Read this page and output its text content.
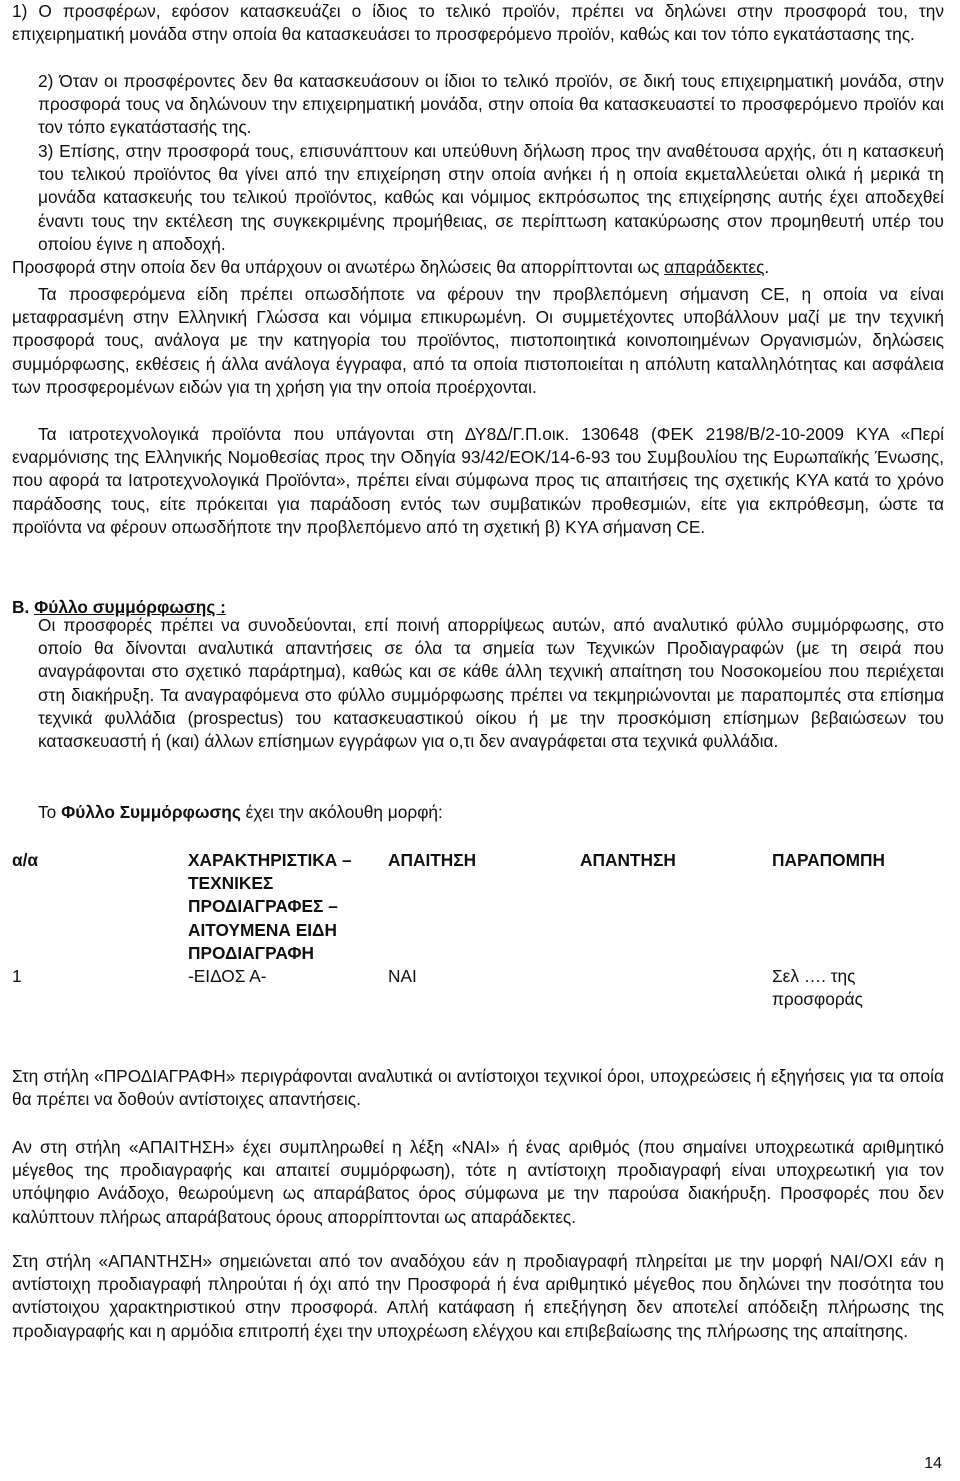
1) Ο προσφέρων, εφόσον κατασκευάζει ο ίδιος το τελικό προϊόν, πρέπει να δηλώνει στην προσφορά του, την επιχειρηματική μονάδα στην οποία θα κατασκευάσει το προσφερόμενο προϊόν, καθώς και τον τόπο εγκατάστασης της.

2) Όταν οι προσφέροντες δεν θα κατασκευάσουν οι ίδιοι το τελικό προϊόν, σε δική τους επιχειρηματική μονάδα, στην προσφορά τους να δηλώνουν την επιχειρηματική μονάδα, στην οποία θα κατασκευαστεί το προσφερόμενο προϊόν και τον τόπο εγκατάστασής της.

3) Επίσης, στην προσφορά τους, επισυνάπτουν και υπεύθυνη δήλωση προς την αναθέτουσα αρχής, ότι η κατασκευή του τελικού προϊόντος θα γίνει από την επιχείρηση στην οποία ανήκει ή η οποία εκμεταλλεύεται ολικά ή μερικά τη μονάδα κατασκευής του τελικού προϊόντος, καθώς και νόμιμος εκπρόσωπος της επιχείρησης αυτής έχει αποδεχθεί έναντι τους την εκτέλεση της συγκεκριμένης προμήθειας, σε περίπτωση κατακύρωσης στον προμηθευτή υπέρ του οποίου έγινε η αποδοχή.

Προσφορά στην οποία δεν θα υπάρχουν οι ανωτέρω δηλώσεις θα απορρίπτονται ως απαράδεκτες.

Τα προσφερόμενα είδη πρέπει οπωσδήποτε να φέρουν την προβλεπόμενη σήμανση CE, η οποία να είναι μεταφρασμένη στην Ελληνική Γλώσσα και νόμιμα επικυρωμένη. Οι συμμετέχοντες υποβάλλουν μαζί με την τεχνική προσφορά τους, ανάλογα με την κατηγορία του προϊόντος, πιστοποιητικά κοινοποιημένων Οργανισμών, δηλώσεις συμμόρφωσης, εκθέσεις ή άλλα ανάλογα έγγραφα, από τα οποία πιστοποιείται η απόλυτη καταλληλότητας και ασφάλεια των προσφερομένων ειδών για τη χρήση για την οποία προέρχονται.

Τα ιατροτεχνολογικά προϊόντα που υπάγονται στη ΔΥ8Δ/Γ.Π.οικ. 130648 (ΦΕΚ 2198/Β/2-10-2009 ΚΥΑ «Περί εναρμόνισης της Ελληνικής Νομοθεσίας προς την Οδηγία 93/42/ΕΟΚ/14-6-93 του Συμβουλίου της Ευρωπαϊκής Ένωσης, που αφορά τα Ιατροτεχνολογικά Προϊόντα», πρέπει είναι σύμφωνα προς τις απαιτήσεις της σχετικής ΚΥΑ κατά το χρόνο παράδοσης τους, είτε πρόκειται για παράδοση εντός των συμβατικών προθεσμιών, είτε για εκπρόθεσμη, ώστε τα προϊόντα να φέρουν οπωσδήποτε την προβλεπόμενο από τη σχετική β) ΚΥΑ σήμανση CE.

Β. Φύλλο συμμόρφωσης :

Οι προσφορές πρέπει να συνοδεύονται, επί ποινή απορρίψεως αυτών, από αναλυτικό φύλλο συμμόρφωσης, στο οποίο θα δίνονται αναλυτικά απαντήσεις σε όλα τα σημεία των Τεχνικών Προδιαγραφών (με τη σειρά που αναγράφονται στο σχετικό παράρτημα), καθώς και σε κάθε άλλη τεχνική απαίτηση του Νοσοκομείου που περιέχεται στη διακήρυξη. Τα αναγραφόμενα στο φύλλο συμμόρφωσης πρέπει να τεκμηριώνονται με παραπομπές στα επίσημα τεχνικά φυλλάδια (prospectus) του κατασκευαστικού οίκου ή με την προσκόμιση επίσημων βεβαιώσεων του κατασκευαστή ή (και) άλλων επίσημων εγγράφων για ο,τι δεν αναγράφεται στα τεχνικά φυλλάδια.

Το Φύλλο Συμμόρφωσης έχει την ακόλουθη μορφή:

α/α	ΧΑΡΑΚΤΗΡΙΣΤΙΚΑ – ΤΕΧΝΙΚΕΣ ΠΡΟΔΙΑΓΡΑΦΕΣ – ΑΙΤΟΥΜΕΝΑ ΕΙΔΗ ΠΡΟΔΙΑΓΡΑΦΗ	ΑΠΑΙΤΗΣΗ	ΑΠΑΝΤΗΣΗ	ΠΑΡΑΠΟΜΠΗ
1	-ΕΙΔΟΣ Α-	ΝΑΙ		Σελ …. της προσφοράς

Στη στήλη «ΠΡΟΔΙΑΓΡΑΦΗ» περιγράφονται αναλυτικά οι αντίστοιχοι τεχνικοί όροι, υποχρεώσεις ή εξηγήσεις για τα οποία θα πρέπει να δοθούν αντίστοιχες απαντήσεις.

Αν στη στήλη «ΑΠΑΙΤΗΣΗ» έχει συμπληρωθεί η λέξη «ΝΑΙ» ή ένας αριθμός (που σημαίνει υποχρεωτικά αριθμητικό μέγεθος της προδιαγραφής και απαιτεί συμμόρφωση), τότε η αντίστοιχη προδιαγραφή είναι υποχρεωτική για τον υπόψηφιο Ανάδοχο, θεωρούμενη ως απαράβατος όρος σύμφωνα με την παρούσα διακήρυξη. Προσφορές που δεν καλύπτουν πλήρως απαράβατους όρους απορρίπτονται ως απαράδεκτες.

Στη στήλη «ΑΠΑΝΤΗΣΗ» σημειώνεται από τον αναδόχου εάν η προδιαγραφή πληρείται με την μορφή ΝΑΙ/ΟΧΙ εάν η αντίστοιχη προδιαγραφή πληρούται ή όχι από την Προσφορά ή ένα αριθμητικό μέγεθος που δηλώνει την ποσότητα του αντίστοιχου χαρακτηριστικού στην προσφορά. Απλή κατάφαση ή επεξήγηση δεν αποτελεί απόδειξη πλήρωσης της προδιαγραφής και η αρμόδια επιτροπή έχει την υποχρέωση ελέγχου και επιβεβαίωσης της πλήρωσης της απαίτησης.

14
